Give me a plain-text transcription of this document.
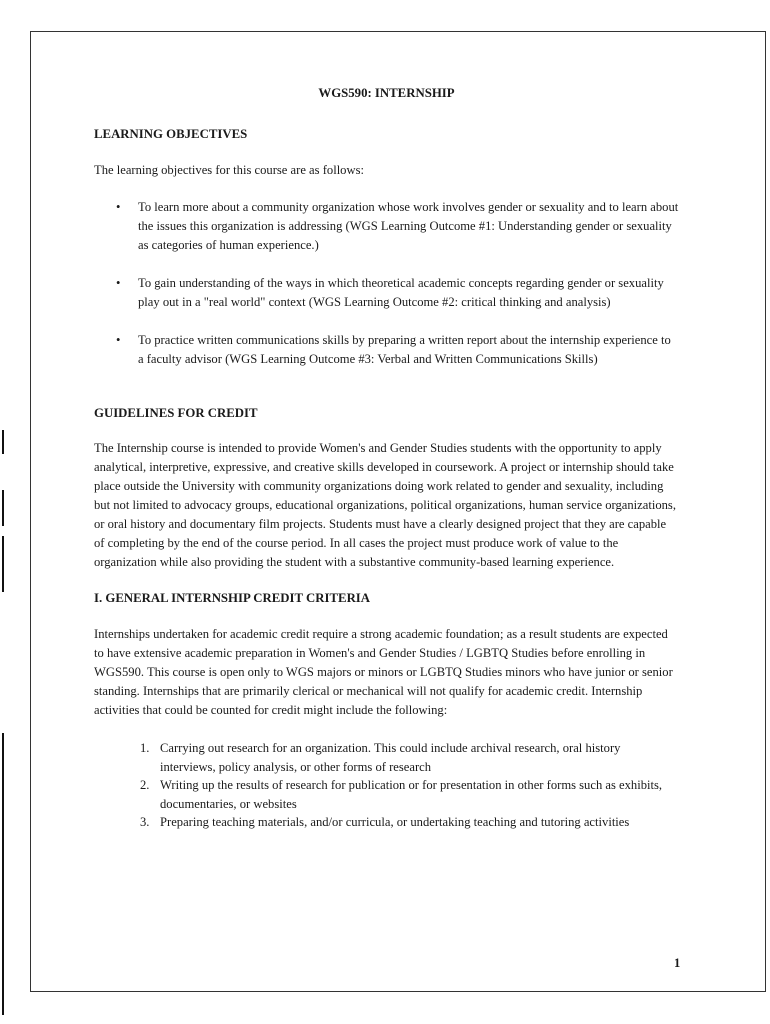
WGS590: INTERNSHIP
LEARNING OBJECTIVES

The learning objectives for this course are as follows:

• To learn more about a community organization whose work involves gender or sexuality and to learn about the issues this organization is addressing (WGS Learning Outcome #1: Understanding gender or sexuality as categories of human experience.)
• To gain understanding of the ways in which theoretical academic concepts regarding gender or sexuality play out in a "real world" context (WGS Learning Outcome #2: critical thinking and analysis)
• To practice written communications skills by preparing a written report about the internship experience to a faculty advisor (WGS Learning Outcome #3: Verbal and Written Communications Skills)
GUIDELINES FOR CREDIT

The Internship course is intended to provide Women's and Gender Studies students with the opportunity to apply analytical, interpretive, expressive, and creative skills developed in coursework. A project or internship should take place outside the University with community organizations doing work related to gender and sexuality, including but not limited to advocacy groups, educational organizations, political organizations, human service organizations, or oral history and documentary film projects. Students must have a clearly designed project that they are capable of completing by the end of the course period. In all cases the project must produce work of value to the organization while also providing the student with a substantive community-based learning experience.

I. GENERAL INTERNSHIP CREDIT CRITERIA

Internships undertaken for academic credit require a strong academic foundation; as a result students are expected to have extensive academic preparation in Women's and Gender Studies / LGBTQ Studies before enrolling in WGS590. This course is open only to WGS majors or minors or LGBTQ Studies minors who have junior or senior standing. Internships that are primarily clerical or mechanical will not qualify for academic credit. Internship activities that could be counted for credit might include the following:

1. Carrying out research for an organization. This could include archival research, oral history interviews, policy analysis, or other forms of research
2. Writing up the results of research for publication or for presentation in other forms such as exhibits, documentaries, or websites
3. Preparing teaching materials, and/or curricula, or undertaking teaching and tutoring activities
1
